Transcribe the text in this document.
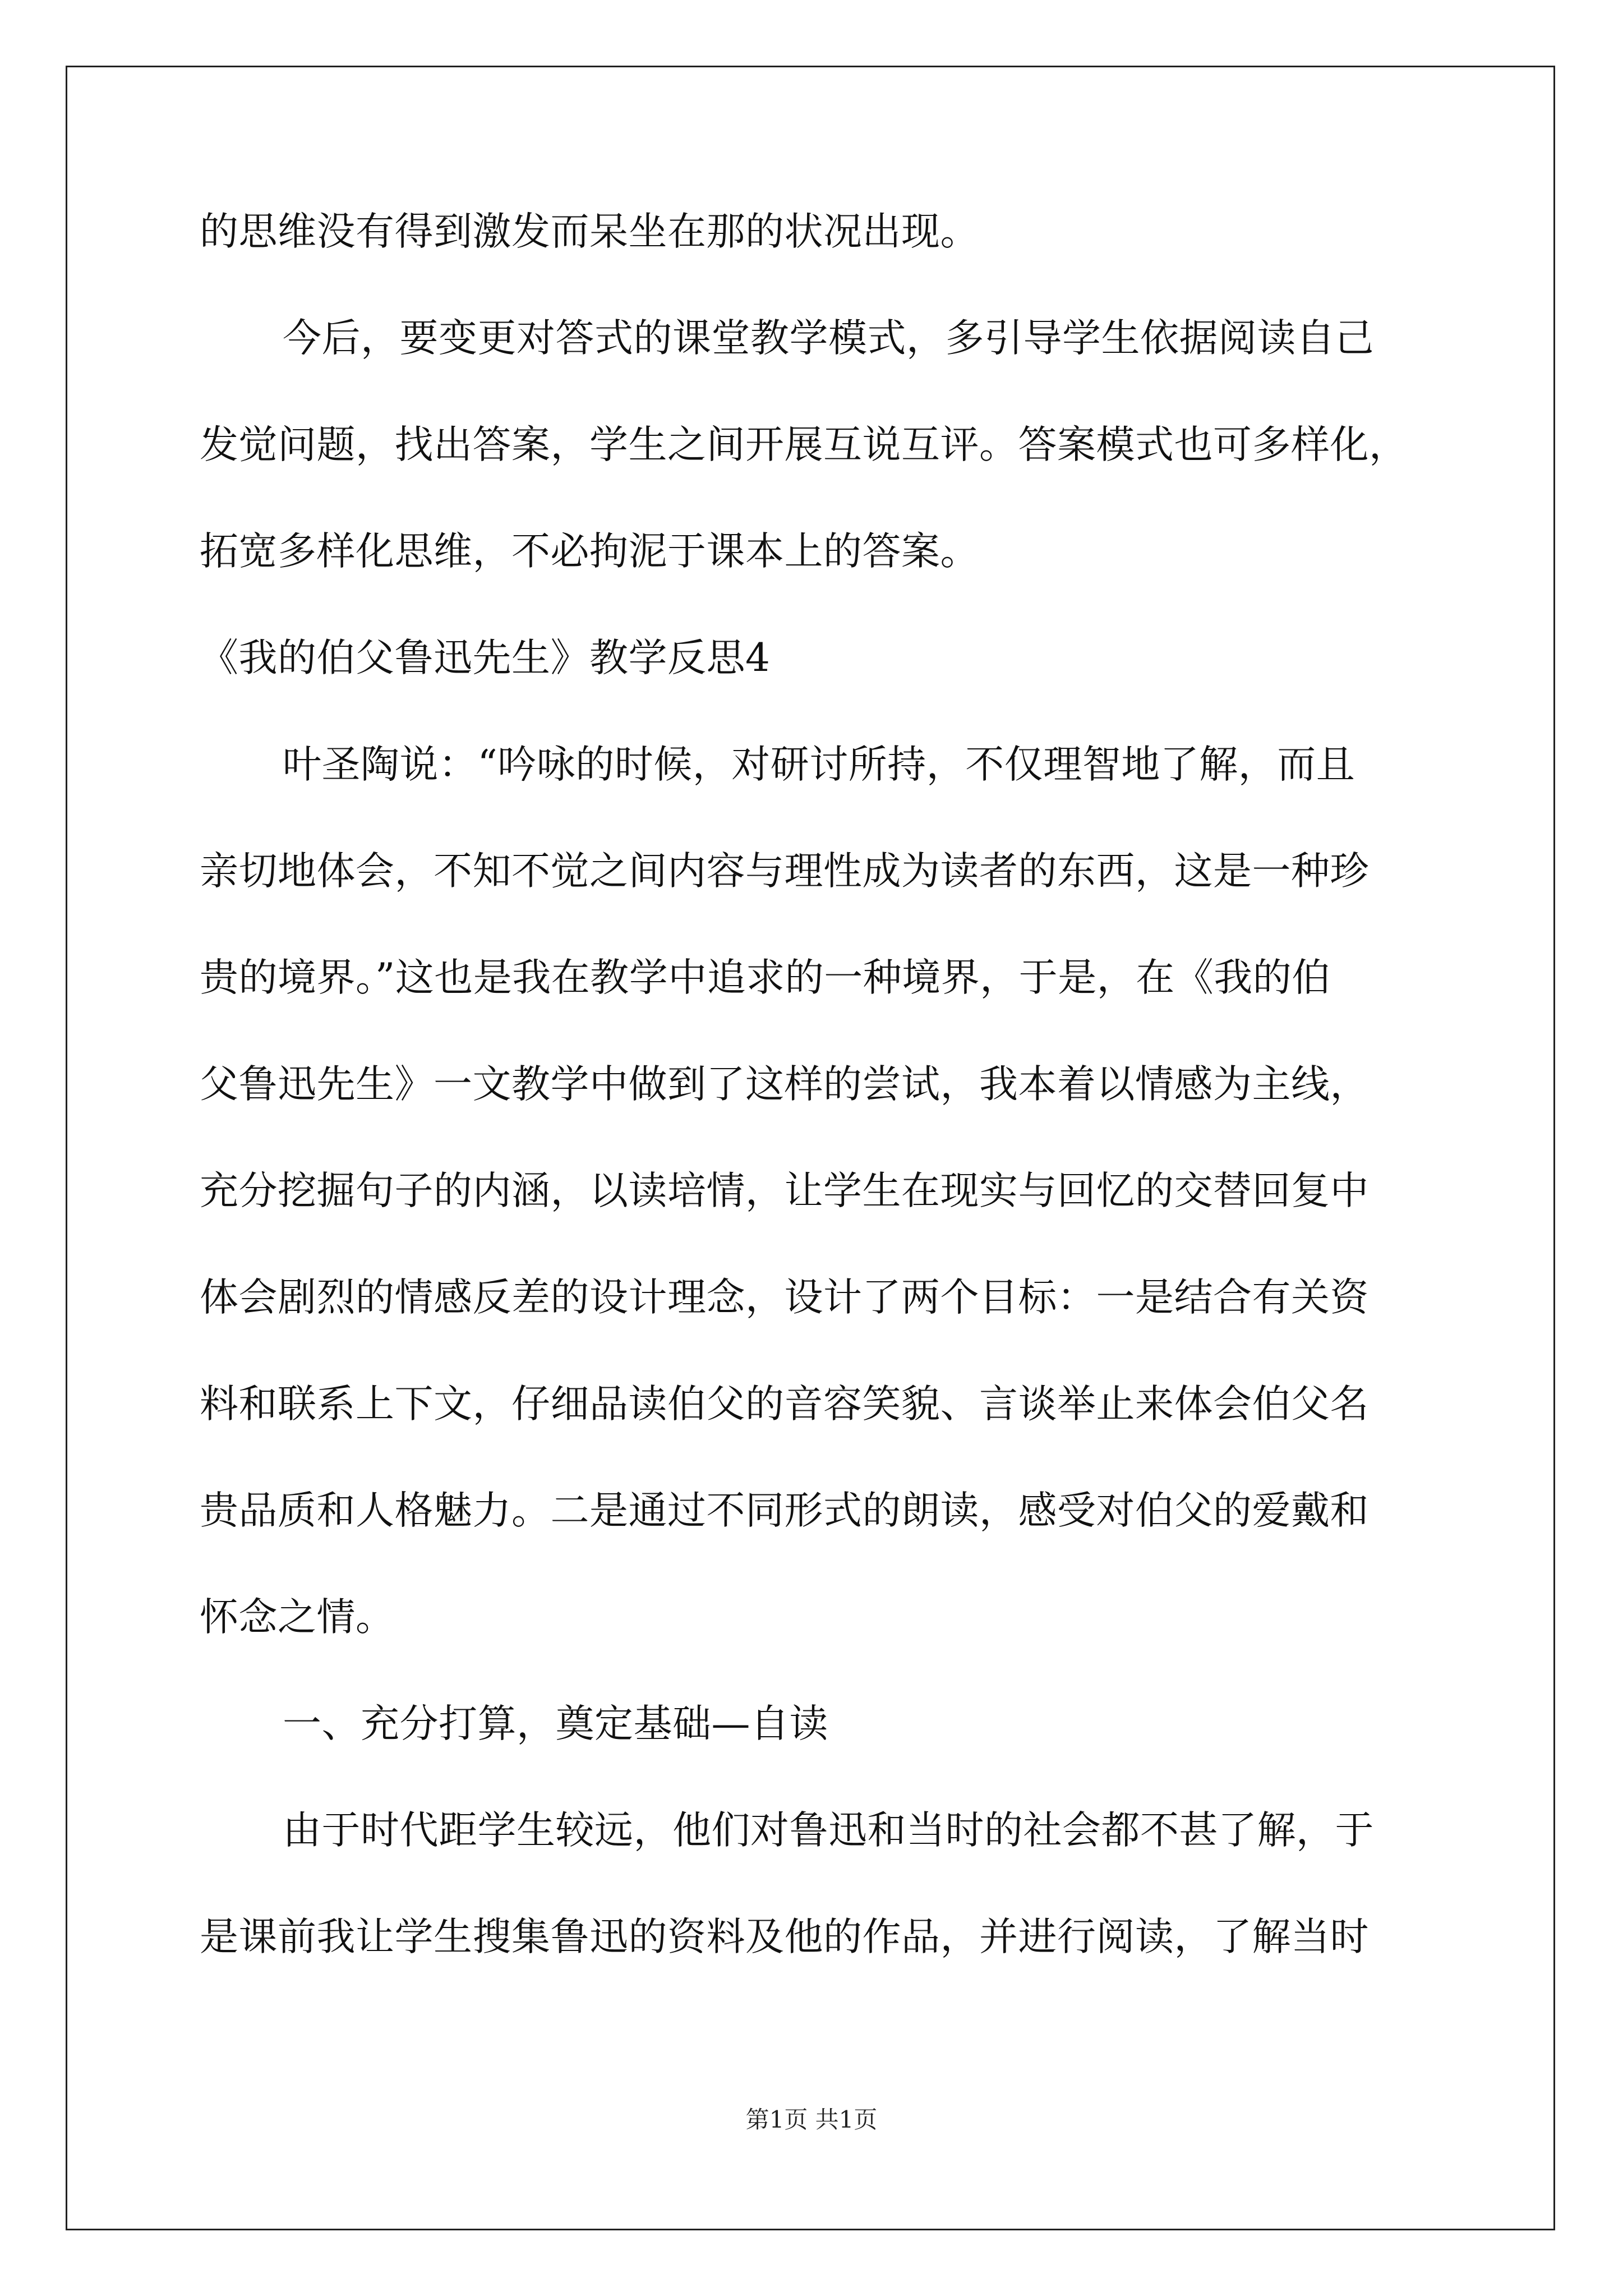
的思维没有得到激发而呆坐在那的状况出现。
今后，要变更对答式的课堂教学模式，多引导学生依据阅读自己
发觉问题，找出答案，学生之间开展互说互评。答案模式也可多样化，
拓宽多样化思维，不必拘泥于课本上的答案。
《我的伯父鲁迅先生》教学反思4
叶圣陶说：“吟咏的时候，对研讨所持，不仅理智地了解，而且
亲切地体会，不知不觉之间内容与理性成为读者的东西，这是一种珍
贵的境界。”这也是我在教学中追求的一种境界，于是，在《我的伯
父鲁迅先生》一文教学中做到了这样的尝试，我本着以情感为主线，
充分挖掘句子的内涵，以读培情，让学生在现实与回忆的交替回复中
体会剧烈的情感反差的设计理念，设计了两个目标：一是结合有关资
料和联系上下文，仔细品读伯父的音容笑貌、言谈举止来体会伯父名
贵品质和人格魅力。二是通过不同形式的朗读，感受对伯父的爱戴和
怀念之情。
一、充分打算，奠定基础—自读
由于时代距学生较远，他们对鲁迅和当时的社会都不甚了解，于
是课前我让学生搜集鲁迅的资料及他的作品，并进行阅读，了解当时
第1页 共1页
